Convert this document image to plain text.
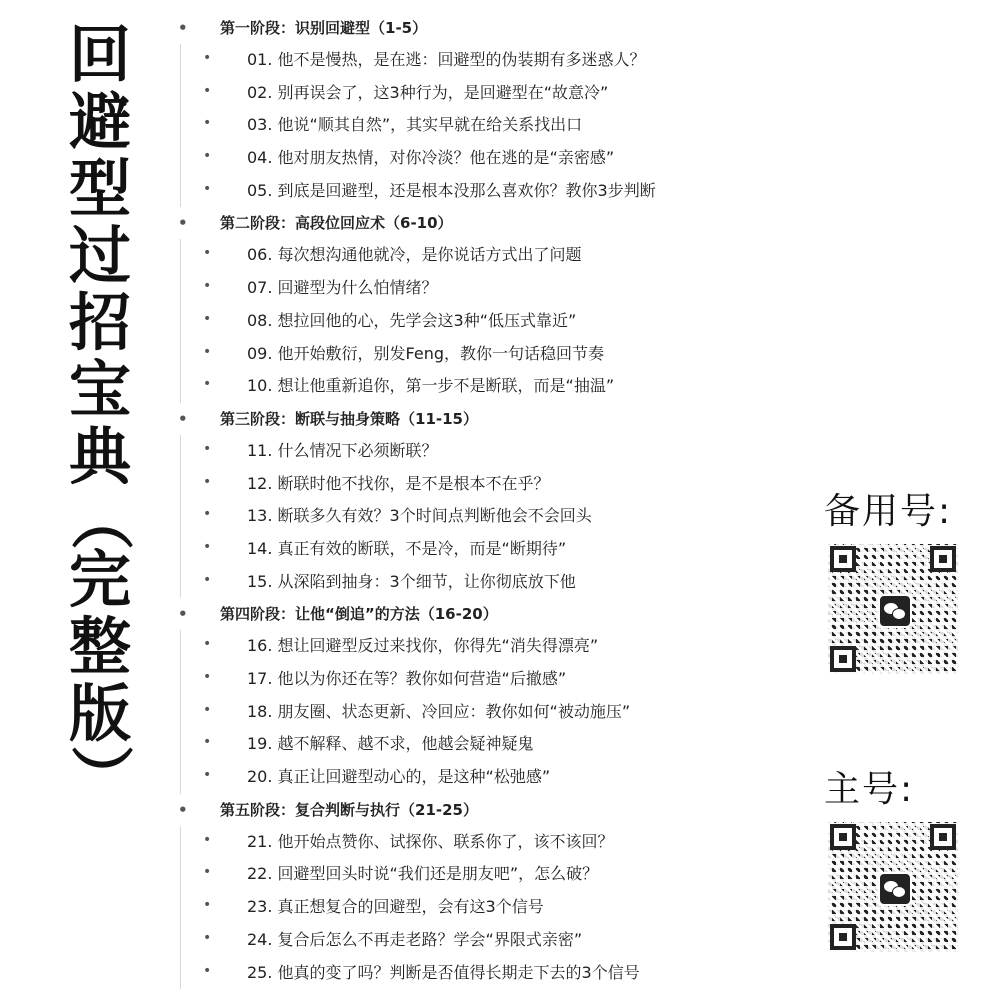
回
避
型
过
招
宝
典
（
完
整
版
）
• 第一阶段：识别回避型（1-5）
• 01. 他不是慢热，是在逃：回避型的伪装期有多迷惑人？
• 02. 别再误会了，这3种行为，是回避型在“故意冷”
• 03. 他说“顺其自然”，其实早就在给关系找出口
• 04. 他对朋友热情，对你冷淡？他在逃的是“亲密感”
• 05. 到底是回避型，还是根本没那么喜欢你？教你3步判断
• 第二阶段：高段位回应术（6-10）
• 06. 每次想沟通他就冷，是你说话方式出了问题
• 07. 回避型为什么怕情绪？
• 08. 想拉回他的心，先学会这3种“低压式靠近”
• 09. 他开始敷衍，别发Feng，教你一句话稳回节奏
• 10. 想让他重新追你，第一步不是断联，而是“抽温”
• 第三阶段：断联与抽身策略（11-15）
• 11. 什么情况下必须断联？
• 12. 断联时他不找你，是不是根本不在乎？
• 13. 断联多久有效？3个时间点判断他会不会回头
• 14. 真正有效的断联，不是冷，而是“断期待”
• 15. 从深陷到抽身：3个细节，让你彻底放下他
• 第四阶段：让他“倒追”的方法（16-20）
• 16. 想让回避型反过来找你，你得先“消失得漂亮”
• 17. 他以为你还在等？教你如何营造“后撤感”
• 18. 朋友圈、状态更新、冷回应：教你如何“被动施压”
• 19. 越不解释、越不求，他越会疑神疑鬼
• 20. 真正让回避型动心的，是这种“松弛感”
• 第五阶段：复合判断与执行（21-25）
• 21. 他开始点赞你、试探你、联系你了，该不该回？
• 22. 回避型回头时说“我们还是朋友吧”，怎么破？
• 23. 真正想复合的回避型，会有这3个信号
• 24. 复合后怎么不再走老路？学会“界限式亲密”
• 25. 他真的变了吗？判断是否值得长期走下去的3个信号
备用号:
主号:
